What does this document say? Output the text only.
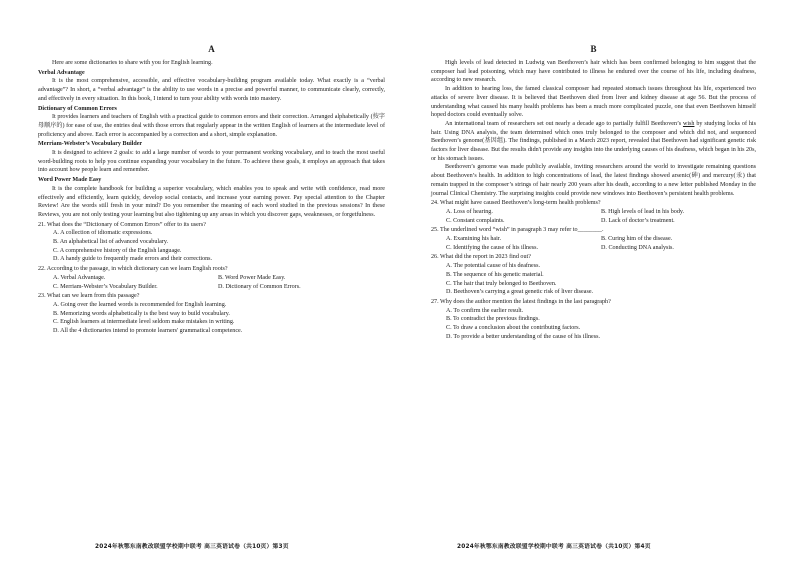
A

Here are some dictionaries to share with you for English learning.

Verbal Advantage

It is the most comprehensive, accessible, and effective vocabulary-building program available today. What exactly is a “verbal advantage”? In short, a “verbal advantage” is the ability to use words in a precise and powerful manner, to communicate clearly, correctly, and effectively in every situation. In this book, I intend to turn your ability with words into mastery.

Dictionary of Common Errors

It provides learners and teachers of English with a practical guide to common errors and their correction. Arranged alphabetically (按字母顺序的) for ease of use, the entries deal with those errors that regularly appear in the written English of learners at the intermediate level of proficiency and above. Each error is accompanied by a correction and a short, simple explanation.

Merriam-Webster’s Vocabulary Builder

It is designed to achieve 2 goals: to add a large number of words to your permanent working vocabulary, and to teach the most useful word-building roots to help you continue expanding your vocabulary in the future. To achieve these goals, it employs an approach that takes into account how people learn and remember.

Word Power Made Easy

It is the complete handbook for building a superior vocabulary, which enables you to speak and write with confidence, read more effectively and efficiently, learn quickly, develop social contacts, and increase your earning power. Pay special attention to the Chapter Review! Are the words still fresh in your mind? Do you remember the meaning of each word studied in the previous sessions? In these Reviews, you are not only testing your learning but also tightening up any areas in which you discover gaps, weaknesses, or forgetfulness.

21. What does the “Dictionary of Common Errors” offer to its users?

A. A collection of idiomatic expressions.
B. An alphabetical list of advanced vocabulary.
C. A comprehensive history of the English language.
D. A handy guide to frequently made errors and their corrections.

22. According to the passage, in which dictionary can we learn English roots?

A. Verbal Advantage.	B. Word Power Made Easy.
C. Merriam-Webster’s Vocabulary Builder.	D. Dictionary of Common Errors.

23. What can we learn from this passage?

A. Going over the learned words is recommended for English learning.
B. Memorizing words alphabetically is the best way to build vocabulary.
C. English learners at intermediate level seldom make mistakes in writing.
D. All the 4 dictionaries intend to promote learners' grammatical competence.
2024年秋鄂东南教改联盟学校期中联考 高三英语试卷（共10页）第3页
B

High levels of lead detected in Ludwig van Beethoven’s hair which has been confirmed belonging to him suggest that the composer had lead poisoning, which may have contributed to illness he endured over the course of his life, including deafness, according to new research.

In addition to hearing loss, the famed classical composer had repeated stomach issues throughout his life, experienced two attacks of severe liver disease. It is believed that Beethoven died from liver and kidney disease at age 56. But the process of understanding what caused his many health problems has been a much more complicated puzzle, one that even Beethoven himself hoped doctors could eventually solve.

An international team of researchers set out nearly a decade ago to partially fulfill Beethoven’s wish by studying locks of his hair. Using DNA analysis, the team determined which ones truly belonged to the composer and which did not, and sequenced Beethoven’s genome(基因组). The findings, published in a March 2023 report, revealed that Beethoven had significant genetic risk factors for liver disease. But the results didn't provide any insights into the underlying causes of his deafness, which began in his 20s, or his stomach issues.

Beethoven’s genome was made publicly available, inviting researchers around the world to investigate remaining questions about Beethoven’s health. In addition to high concentrations of lead, the latest findings showed arsenic(砷) and mercury(汞) that remain trapped in the composer’s strings of hair nearly 200 years after his death, according to a new letter published Monday in the journal Clinical Chemistry. The surprising insights could provide new windows into Beethoven’s persistent health problems.

24. What might have caused Beethoven’s long-term health problems?

A. Loss of hearing.	B. High levels of lead in his body.
C. Constant complaints.	D. Lack of doctor’s treatment.

25. The underlined word “wish” in paragraph 3 may refer to________.

A. Examining his hair.	B. Curing him of the disease.
C. Identifying the cause of his illness.	D. Conducting DNA analysis.

26. What did the report in 2023 find out?

A. The potential cause of his deafness.
B. The sequence of his genetic material.
C. The hair that truly belonged to Beethoven.
D. Beethoven’s carrying a great genetic risk of liver disease.

27. Why does the author mention the latest findings in the last paragraph?

A. To confirm the earlier result.
B. To contradict the previous findings.
C. To draw a conclusion about the contributing factors.
D. To provide a better understanding of the cause of his illness.
2024年秋鄂东南教改联盟学校期中联考 高三英语试卷（共10页）第4页
